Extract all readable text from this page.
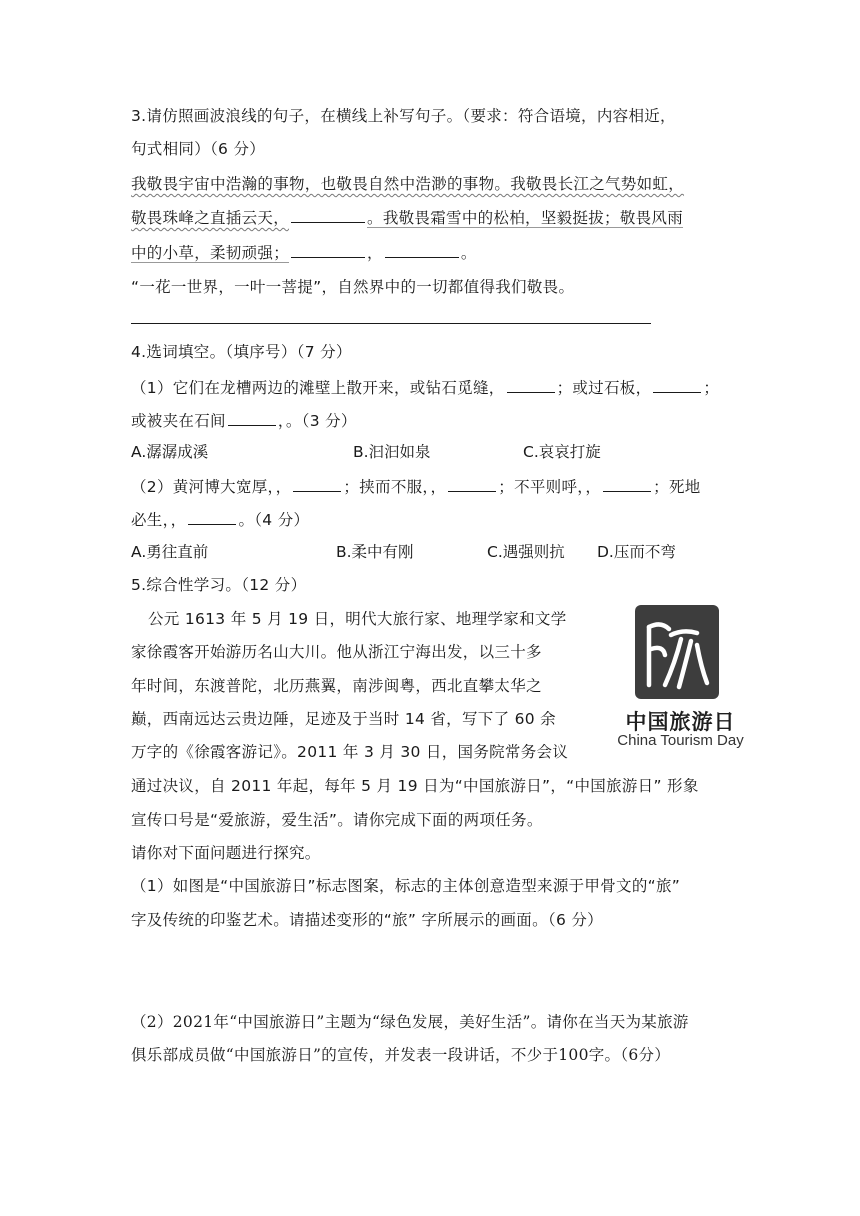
3.请仿照画波浪线的句子，在横线上补写句子。（要求：符合语境，内容相近，
句式相同）（6 分）
我敬畏宇宙中浩瀚的事物，也敬畏自然中浩渺的事物。我敬畏长江之气势如虹，
敬畏珠峰之直插云天，	。我敬畏霜雪中的松柏，坚毅挺拔；敬畏风雨
中的小草，柔韧顽强；	，	。
“一花一世界，一叶一菩提”，自然界中的一切都值得我们敬畏。
4.选词填空。（填序号）（7 分）
（1）它们在龙槽两边的滩壁上散开来，或钻石觅缝，	；或过石板，	；
或被夹在石间	，。（3 分）
A.潺潺成溪	B.汩汩如泉	C.哀哀打旋
（2）黄河博大宽厚，，	；挟而不服，，	；不平则呼，，	；死地
必生，，	。（4 分）
A.勇往直前	B.柔中有刚	C.遇强则抗 D.压而不弯
5.综合性学习。（12 分）
公元 1613 年 5 月 19 日，明代大旅行家、地理学家和文学
家徐霞客开始游历名山大川。他从浙江宁海出发，以三十多
年时间，东渡普陀，北历燕翼，南涉闽粤，西北直攀太华之
巅，西南远达云贵边陲，足迹及于当时 14 省，写下了 60 余
万字的《徐霞客游记》。2011 年 3 月 30 日，国务院常务会议
通过决议，自 2011 年起，每年 5 月 19 日为“中国旅游日”，“中国旅游日” 形象
宣传口号是“爱旅游，爱生活”。请你完成下面的两项任务。
请你对下面问题进行探究。
（1）如图是“中国旅游日”标志图案，标志的主体创意造型来源于甲骨文的“旅”
字及传统的印鉴艺术。请描述变形的“旅” 字所展示的画面。（6 分）
（2）2021年“中国旅游日”主题为“绿色发展，美好生活”。请你在当天为某旅游
俱乐部成员做“中国旅游日”的宣传，并发表一段讲话，不少于100字。（6分）
中国旅游日
China Tourism Day
